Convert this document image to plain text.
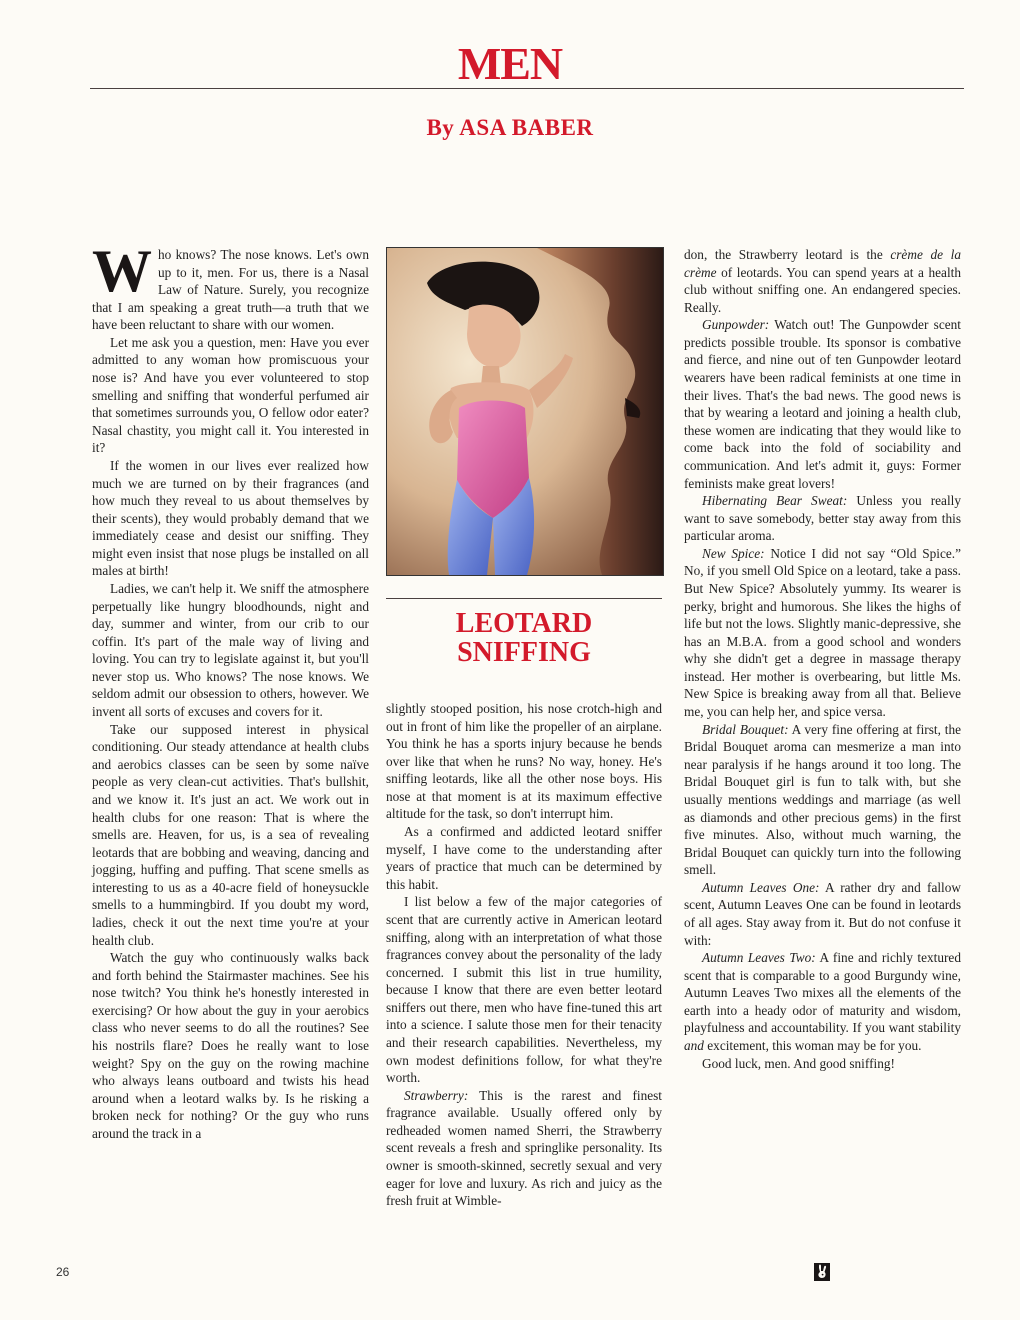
MEN
By ASA BABER

Who knows? The nose knows. Let's own up to it, men. For us, there is a Nasal Law of Nature. Surely, you recognize that I am speaking a great truth—a truth that we have been reluctant to share with our women.

Let me ask you a question, men: Have you ever admitted to any woman how promiscuous your nose is? And have you ever volunteered to stop smelling and sniffing that wonderful perfumed air that sometimes surrounds you, O fellow odor eater? Nasal chastity, you might call it. You interested in it?

If the women in our lives ever realized how much we are turned on by their fragrances (and how much they reveal to us about themselves by their scents), they would probably demand that we immediately cease and desist our sniffing. They might even insist that nose plugs be installed on all males at birth!

Ladies, we can't help it. We sniff the atmosphere perpetually like hungry bloodhounds, night and day, summer and winter, from our crib to our coffin. It's part of the male way of living and loving. You can try to legislate against it, but you'll never stop us. Who knows? The nose knows. We seldom admit our obsession to others, however. We invent all sorts of excuses and covers for it.

Take our supposed interest in physical conditioning. Our steady attendance at health clubs and aerobics classes can be seen by some naïve people as very clean-cut activities. That's bullshit, and we know it. It's just an act. We work out in health clubs for one reason: That is where the smells are. Heaven, for us, is a sea of revealing leotards that are bobbing and weaving, dancing and jogging, huffing and puffing. That scene smells as interesting to us as a 40-acre field of honeysuckle smells to a hummingbird. If you doubt my word, ladies, check it out the next time you're at your health club.

Watch the guy who continuously walks back and forth behind the Stairmaster machines. See his nose twitch? You think he's honestly interested in exercising? Or how about the guy in your aerobics class who never seems to do all the routines? See his nostrils flare? Does he really want to lose weight? Spy on the guy on the rowing machine who always leans outboard and twists his head around when a leotard walks by. Is he risking a broken neck for nothing? Or the guy who runs around the track in a

LEOTARD
SNIFFING

slightly stooped position, his nose crotch-high and out in front of him like the propeller of an airplane. You think he has a sports injury because he bends over like that when he runs? No way, honey. He's sniffing leotards, like all the other nose boys. His nose at that moment is at its maximum effective altitude for the task, so don't interrupt him.

As a confirmed and addicted leotard sniffer myself, I have come to the understanding after years of practice that much can be determined by this habit.

I list below a few of the major categories of scent that are currently active in American leotard sniffing, along with an interpretation of what those fragrances convey about the personality of the lady concerned. I submit this list in true humility, because I know that there are even better leotard sniffers out there, men who have fine-tuned this art into a science. I salute those men for their tenacity and their research capabilities. Nevertheless, my own modest definitions follow, for what they're worth.

Strawberry: This is the rarest and finest fragrance available. Usually offered only by redheaded women named Sherri, the Strawberry scent reveals a fresh and springlike personality. Its owner is smooth-skinned, secretly sexual and very eager for love and luxury. As rich and juicy as the fresh fruit at Wimble-

don, the Strawberry leotard is the crème de la crème of leotards. You can spend years at a health club without sniffing one. An endangered species. Really.

Gunpowder: Watch out! The Gunpowder scent predicts possible trouble. Its sponsor is combative and fierce, and nine out of ten Gunpowder leotard wearers have been radical feminists at one time in their lives. That's the bad news. The good news is that by wearing a leotard and joining a health club, these women are indicating that they would like to come back into the fold of sociability and communication. And let's admit it, guys: Former feminists make great lovers!

Hibernating Bear Sweat: Unless you really want to save somebody, better stay away from this particular aroma.

New Spice: Notice I did not say “Old Spice.” No, if you smell Old Spice on a leotard, take a pass. But New Spice? Absolutely yummy. Its wearer is perky, bright and humorous. She likes the highs of life but not the lows. Slightly manic-depressive, she has an M.B.A. from a good school and wonders why she didn't get a degree in massage therapy instead. Her mother is overbearing, but little Ms. New Spice is breaking away from all that. Believe me, you can help her, and spice versa.

Bridal Bouquet: A very fine offering at first, the Bridal Bouquet aroma can mesmerize a man into near paralysis if he hangs around it too long. The Bridal Bouquet girl is fun to talk with, but she usually mentions weddings and marriage (as well as diamonds and other precious gems) in the first five minutes. Also, without much warning, the Bridal Bouquet can quickly turn into the following smell.

Autumn Leaves One: A rather dry and fallow scent, Autumn Leaves One can be found in leotards of all ages. Stay away from it. But do not confuse it with:

Autumn Leaves Two: A fine and richly textured scent that is comparable to a good Burgundy wine, Autumn Leaves Two mixes all the elements of the earth into a heady odor of maturity and wisdom, playfulness and accountability. If you want stability and excitement, this woman may be for you.

Good luck, men. And good sniffing!

26
